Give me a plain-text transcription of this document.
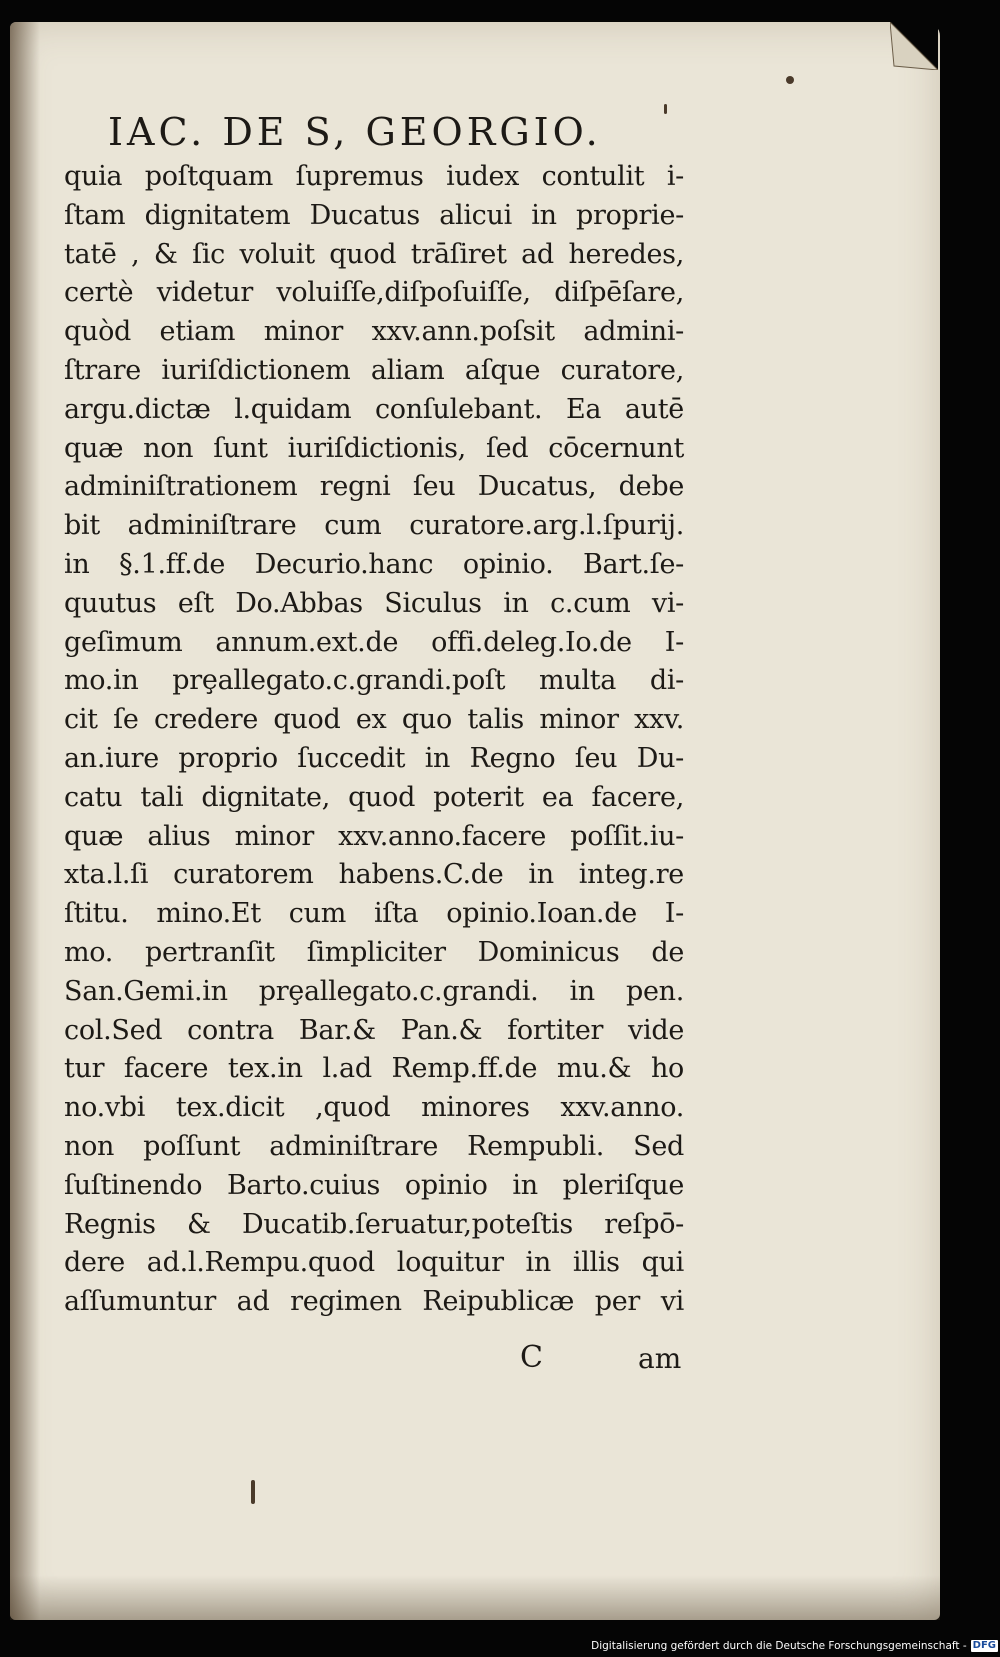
IAC. DE S, GEORGIO.
quia poſtquam ſupremus iudex contulit i-
ſtam dignitatem Ducatus alicui in proprie-
tatē , & ſic voluit quod trāſiret ad heredes,
certè videtur voluiſſe,diſpoſuiſſe, diſpēſare,
quòd etiam minor xxv.ann.poſsit admini-
ſtrare iuriſdictionem aliam aſque curatore,
argu.dictæ l.quidam conſulebant. Ea autē
quæ non ſunt iuriſdictionis, ſed cōcernunt
adminiſtrationem regni ſeu Ducatus, debe
bit adminiſtrare cum curatore.arg.l.ſpurij.
in §.1.ff.de Decurio.hanc opinio. Bart.ſe-
quutus eſt Do.Abbas Siculus in c.cum vi-
geſimum annum.ext.de offi.deleg.Io.de I-
mo.in prȩallegato.c.grandi.poſt multa di-
cit ſe credere quod ex quo talis minor xxv.
an.iure proprio ſuccedit in Regno ſeu Du-
catu tali dignitate, quod poterit ea facere,
quæ alius minor xxv.anno.facere poſſit.iu-
xta.l.ſi curatorem habens.C.de in integ.re
ſtitu. mino.Et cum iſta opinio.Ioan.de I-
mo. pertranſit ſimpliciter Dominicus de
San.Gemi.in prȩallegato.c.grandi. in pen.
col.Sed contra Bar.& Pan.& fortiter vide
tur facere tex.in l.ad Remp.ff.de mu.& ho
no.vbi tex.dicit ,quod minores xxv.anno.
non poſſunt adminiſtrare Rempubli. Sed
ſuſtinendo Barto.cuius opinio in pleriſque
Regnis & Ducatib.ſeruatur,poteſtis reſpō-
dere ad.l.Rempu.quod loquitur in illis qui
aſſumuntur ad regimen Reipublicæ per vi
C	am
Digitalisierung gefördert durch die Deutsche Forschungsgemeinschaft - DFG
